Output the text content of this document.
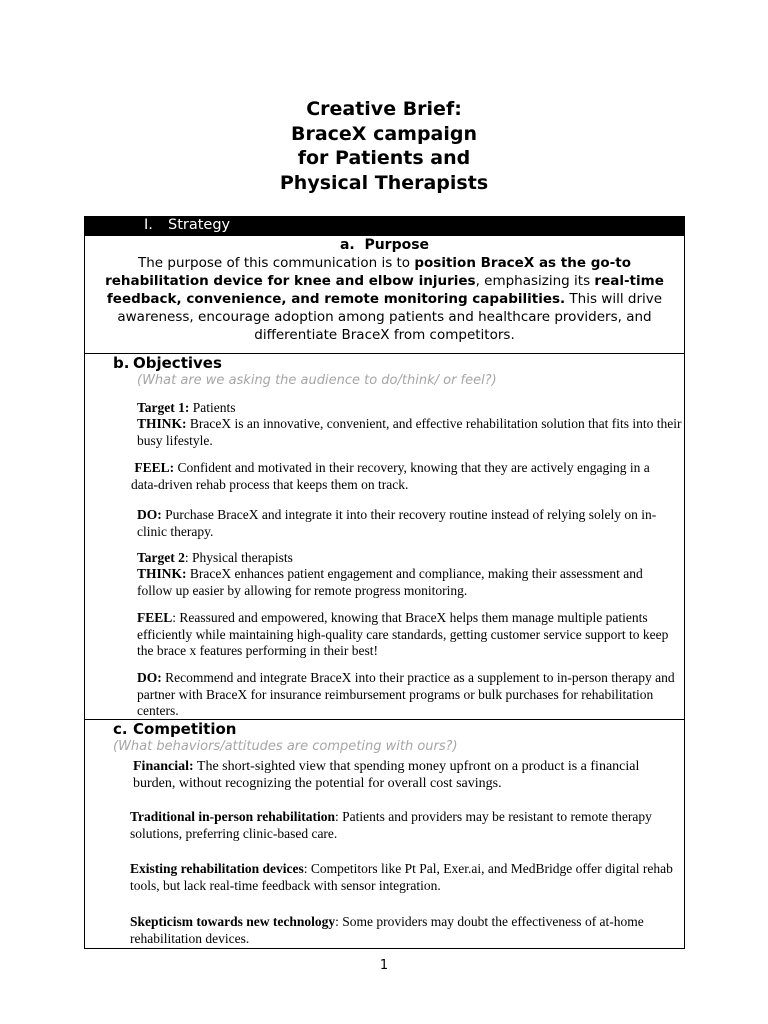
Creative Brief:
BraceX campaign
for Patients and
Physical Therapists
I. Strategy
a. Purpose
The purpose of this communication is to position BraceX as the go-to rehabilitation device for knee and elbow injuries, emphasizing its real-time feedback, convenience, and remote monitoring capabilities. This will drive awareness, encourage adoption among patients and healthcare providers, and differentiate BraceX from competitors.
b. Objectives
(What are we asking the audience to do/think/ or feel?)
Target 1: Patients
THINK: BraceX is an innovative, convenient, and effective rehabilitation solution that fits into their busy lifestyle.
FEEL: Confident and motivated in their recovery, knowing that they are actively engaging in a data-driven rehab process that keeps them on track.
DO: Purchase BraceX and integrate it into their recovery routine instead of relying solely on in-clinic therapy.
Target 2: Physical therapists
THINK: BraceX enhances patient engagement and compliance, making their assessment and follow up easier by allowing for remote progress monitoring.
FEEL: Reassured and empowered, knowing that BraceX helps them manage multiple patients efficiently while maintaining high-quality care standards, getting customer service support to keep the brace x features performing in their best!
DO: Recommend and integrate BraceX into their practice as a supplement to in-person therapy and partner with BraceX for insurance reimbursement programs or bulk purchases for rehabilitation centers.
c. Competition
(What behaviors/attitudes are competing with ours?)
Financial: The short-sighted view that spending money upfront on a product is a financial burden, without recognizing the potential for overall cost savings.
Traditional in-person rehabilitation: Patients and providers may be resistant to remote therapy solutions, preferring clinic-based care.
Existing rehabilitation devices: Competitors like Pt Pal, Exer.ai, and MedBridge offer digital rehab tools, but lack real-time feedback with sensor integration.
Skepticism towards new technology: Some providers may doubt the effectiveness of at-home rehabilitation devices.
1
